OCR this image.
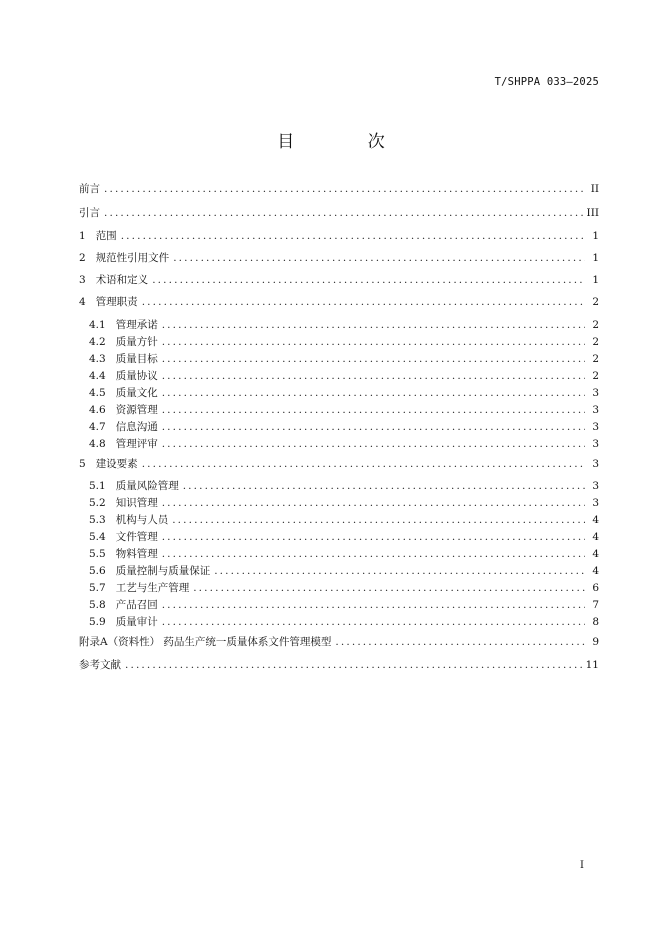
T/SHPPA 033—2025
目 次
前言 . . .	II
引言 . . .	III
1 范围 . . .	1
2 规范性引用文件 . . .	1
3 术语和定义 . . .	1
4 管理职责 . . .	2
4.1 管理承诺 . . .	2
4.2 质量方针 . . .	2
4.3 质量目标 . . .	2
4.4 质量协议 . . .	2
4.5 质量文化 . . .	3
4.6 资源管理 . . .	3
4.7 信息沟通 . . .	3
4.8 管理评审 . . .	3
5 建设要素 . . .	3
5.1 质量风险管理 . . .	3
5.2 知识管理 . . .	3
5.3 机构与人员 . . .	4
5.4 文件管理 . . .	4
5.5 物料管理 . . .	4
5.6 质量控制与质量保证 . . .	4
5.7 工艺与生产管理 . . .	6
5.8 产品召回 . . .	7
5.9 质量审计 . . .	8
附录A（资料性） 药品生产统一质量体系文件管理模型 . . .	9
参考文献 . . .	11
I
